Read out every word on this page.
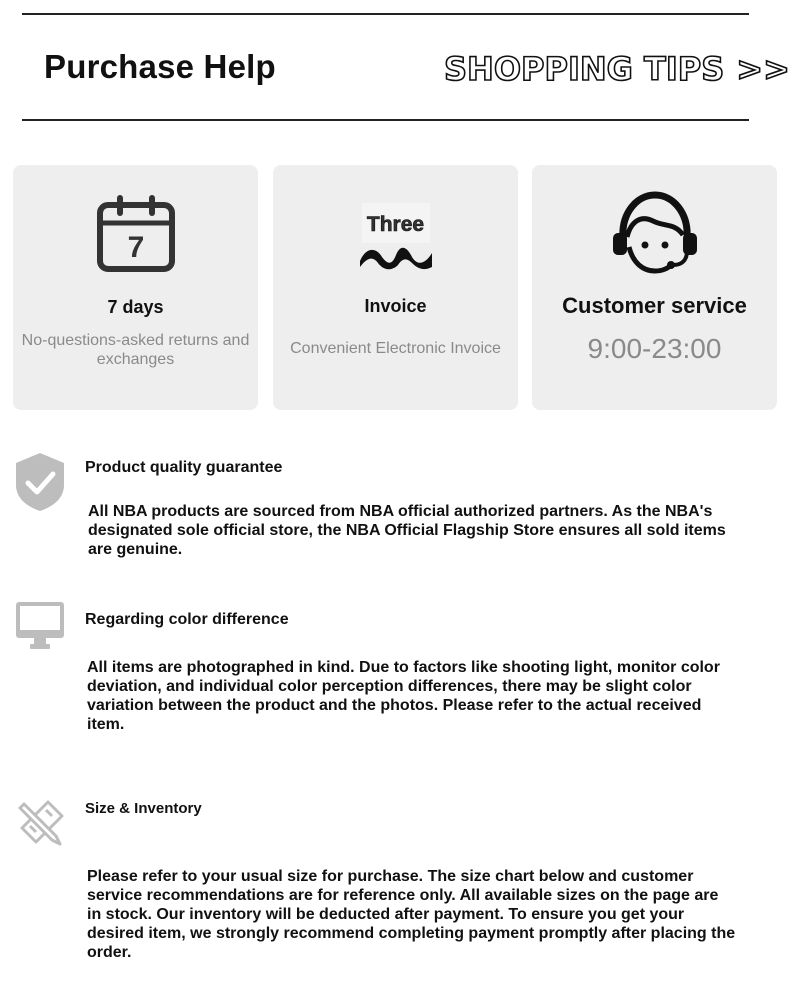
Purchase Help	SHOPPING TIPS >>
7
7 days
No-questions-asked returns and exchanges
Three
Invoice
Convenient Electronic Invoice
Customer service
9:00-23:00
Product quality guarantee
All NBA products are sourced from NBA official authorized partners. As the NBA's designated sole official store, the NBA Official Flagship Store ensures all sold items are genuine.
Regarding color difference
All items are photographed in kind. Due to factors like shooting light, monitor color deviation, and individual color perception differences, there may be slight color variation between the product and the photos. Please refer to the actual received item.
Size & Inventory
Please refer to your usual size for purchase. The size chart below and customer service recommendations are for reference only. All available sizes on the page are in stock. Our inventory will be deducted after payment. To ensure you get your desired item, we strongly recommend completing payment promptly after placing the order.
